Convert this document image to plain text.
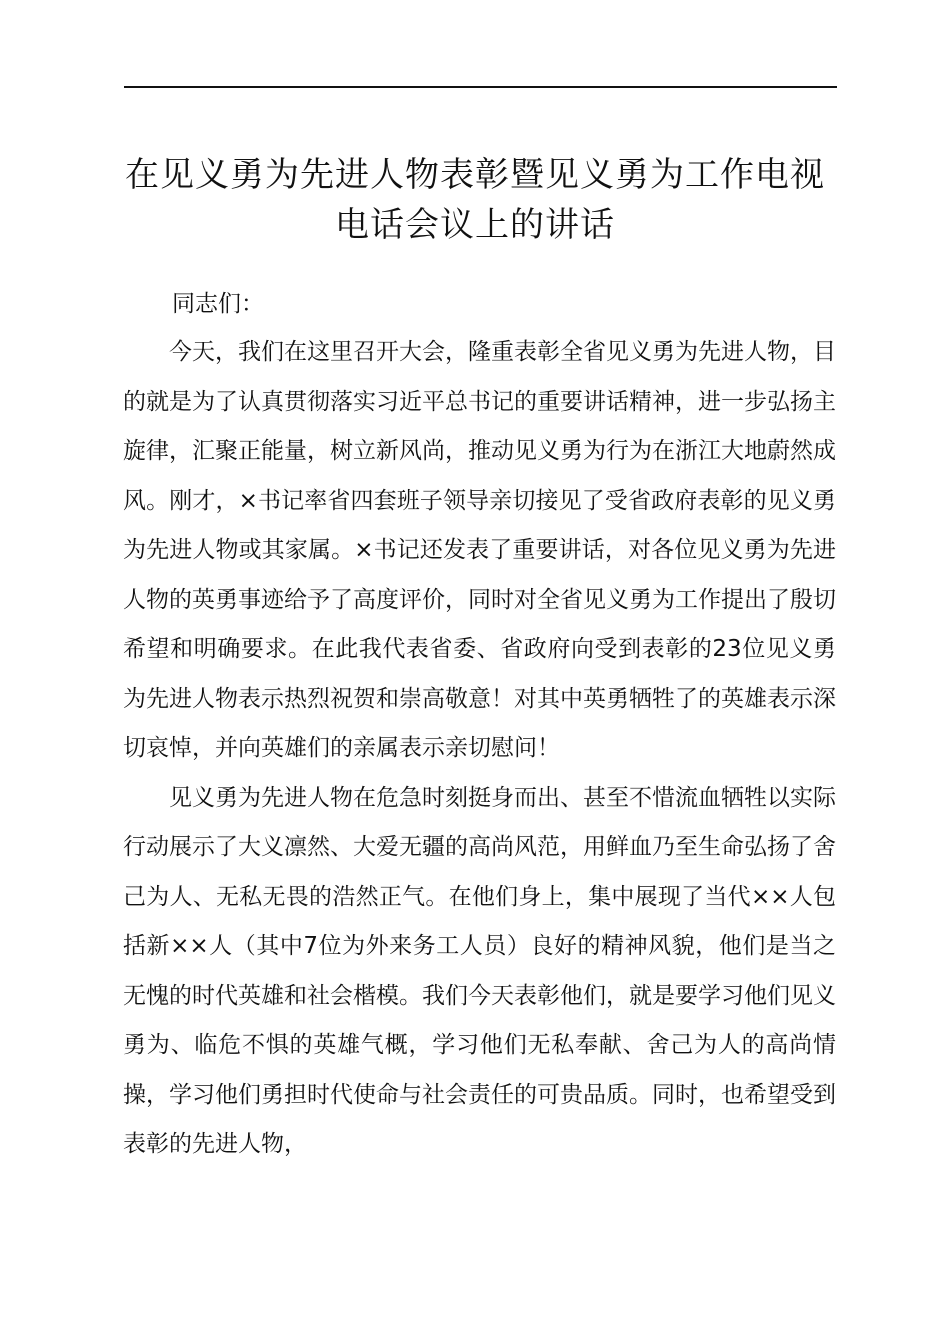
在见义勇为先进人物表彰暨见义勇为工作电视
电话会议上的讲话

同志们：

今天，我们在这里召开大会，隆重表彰全省见义勇为先进人物，目的就是为了认真贯彻落实习近平总书记的重要讲话精神，进一步弘扬主旋律，汇聚正能量，树立新风尚，推动见义勇为行为在浙江大地蔚然成风。刚才，×书记率省四套班子领导亲切接见了受省政府表彰的见义勇为先进人物或其家属。×书记还发表了重要讲话，对各位见义勇为先进人物的英勇事迹给予了高度评价，同时对全省见义勇为工作提出了殷切希望和明确要求。在此我代表省委、省政府向受到表彰的23位见义勇为先进人物表示热烈祝贺和崇高敬意！对其中英勇牺牲了的英雄表示深切哀悼，并向英雄们的亲属表示亲切慰问！

见义勇为先进人物在危急时刻挺身而出、甚至不惜流血牺牲以实际行动展示了大义凛然、大爱无疆的高尚风范，用鲜血乃至生命弘扬了舍己为人、无私无畏的浩然正气。在他们身上，集中展现了当代××人包括新××人（其中7位为外来务工人员）良好的精神风貌，他们是当之无愧的时代英雄和社会楷模。我们今天表彰他们，就是要学习他们见义勇为、临危不惧的英雄气概，学习他们无私奉献、舍己为人的高尚情操，学习他们勇担时代使命与社会责任的可贵品质。同时，也希望受到表彰的先进人物，
